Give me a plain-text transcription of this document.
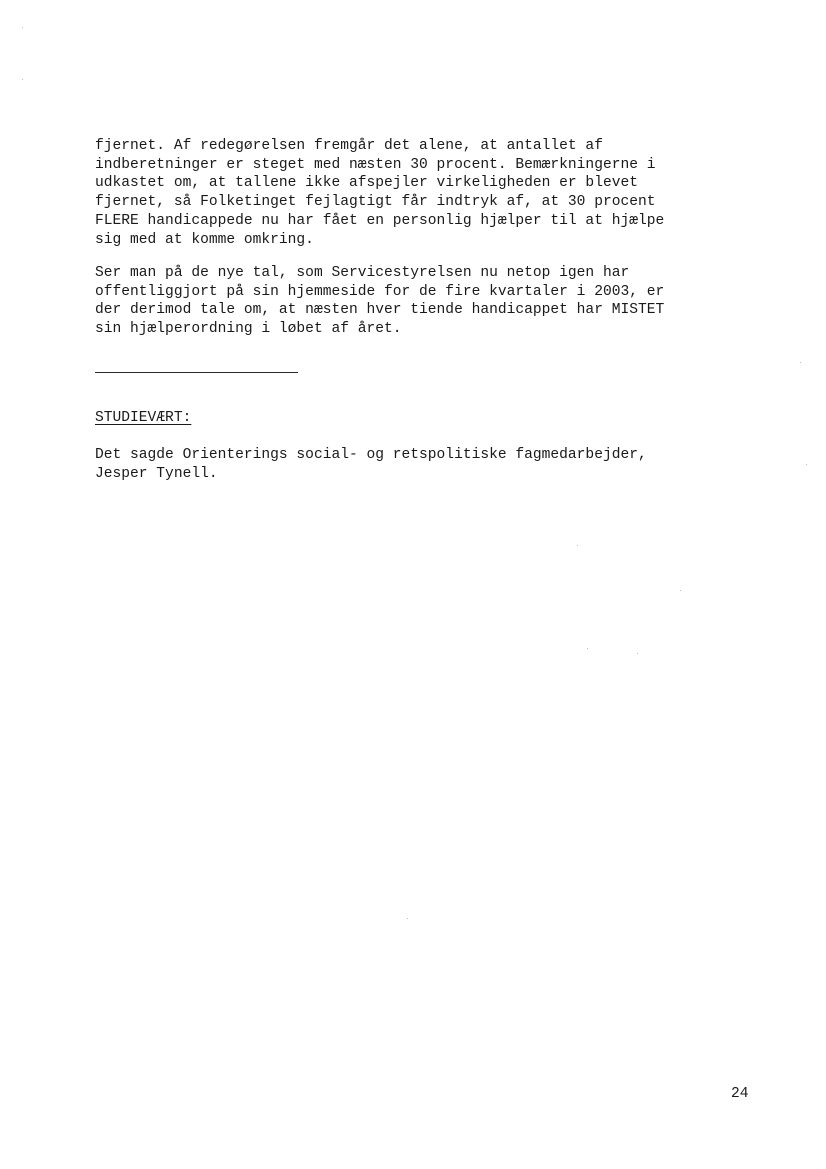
fjernet. Af redegørelsen fremgår det alene, at antallet af
indberetninger er steget med næsten 30 procent. Bemærkningerne i
udkastet om, at tallene ikke afspejler virkeligheden er blevet
fjernet, så Folketinget fejlagtigt får indtryk af, at 30 procent
FLERE handicappede nu har fået en personlig hjælper til at hjælpe
sig med at komme omkring.

Ser man på de nye tal, som Servicestyrelsen nu netop igen har
offentliggjort på sin hjemmeside for de fire kvartaler i 2003, er
der derimod tale om, at næsten hver tiende handicappet har MISTET
sin hjælperordning i løbet af året.

STUDIEVÆRT:

Det sagde Orienterings social- og retspolitiske fagmedarbejder,
Jesper Tynell.

24
